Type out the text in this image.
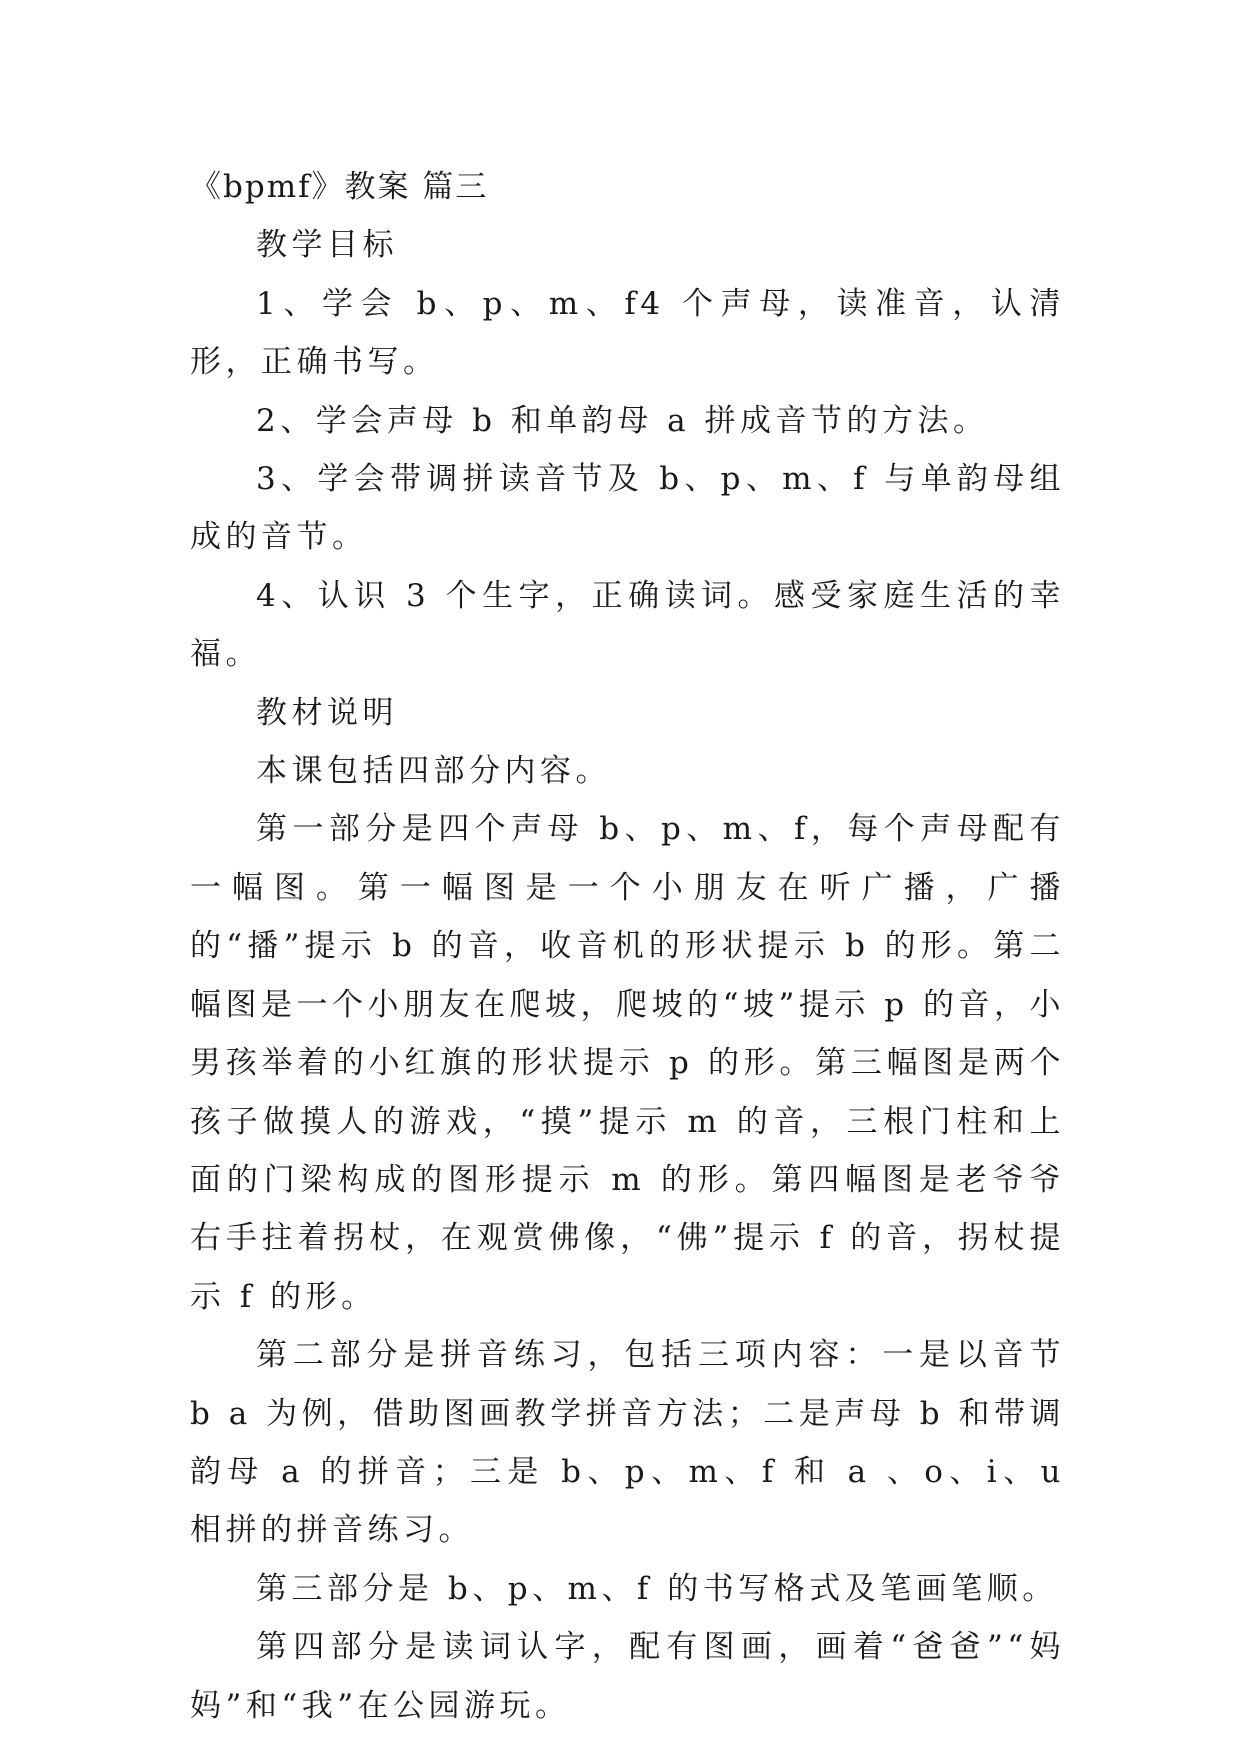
《bpmf》教案 篇三

教学目标

1、学会 b、p、m、f4 个声母，读准音，认清形，正确书写。

2、学会声母 b 和单韵母 a 拼成音节的方法。

3、学会带调拼读音节及 b、p、m、f 与单韵母组成的音节。

4、认识 3 个生字，正确读词。感受家庭生活的幸福。

教材说明

本课包括四部分内容。

第一部分是四个声母 b、p、m、f，每个声母配有一幅图。第一幅图是一个小朋友在听广播，广播的“播”提示 b 的音，收音机的形状提示 b 的形。第二幅图是一个小朋友在爬坡，爬坡的“坡”提示 p 的音，小男孩举着的小红旗的形状提示 p 的形。第三幅图是两个孩子做摸人的游戏，“摸”提示 m 的音，三根门柱和上面的门梁构成的图形提示 m 的形。第四幅图是老爷爷右手拄着拐杖，在观赏佛像，“佛”提示 f 的音，拐杖提示 f 的形。

第二部分是拼音练习，包括三项内容：一是以音节 b a 为例，借助图画教学拼音方法；二是声母 b 和带调韵母 a 的拼音；三是 b、p、m、f 和 a 、o、i、u 相拼的拼音练习。

第三部分是 b、p、m、f 的书写格式及笔画笔顺。

第四部分是读词认字，配有图画，画着“爸爸”“妈妈”和“我”在公园游玩。
